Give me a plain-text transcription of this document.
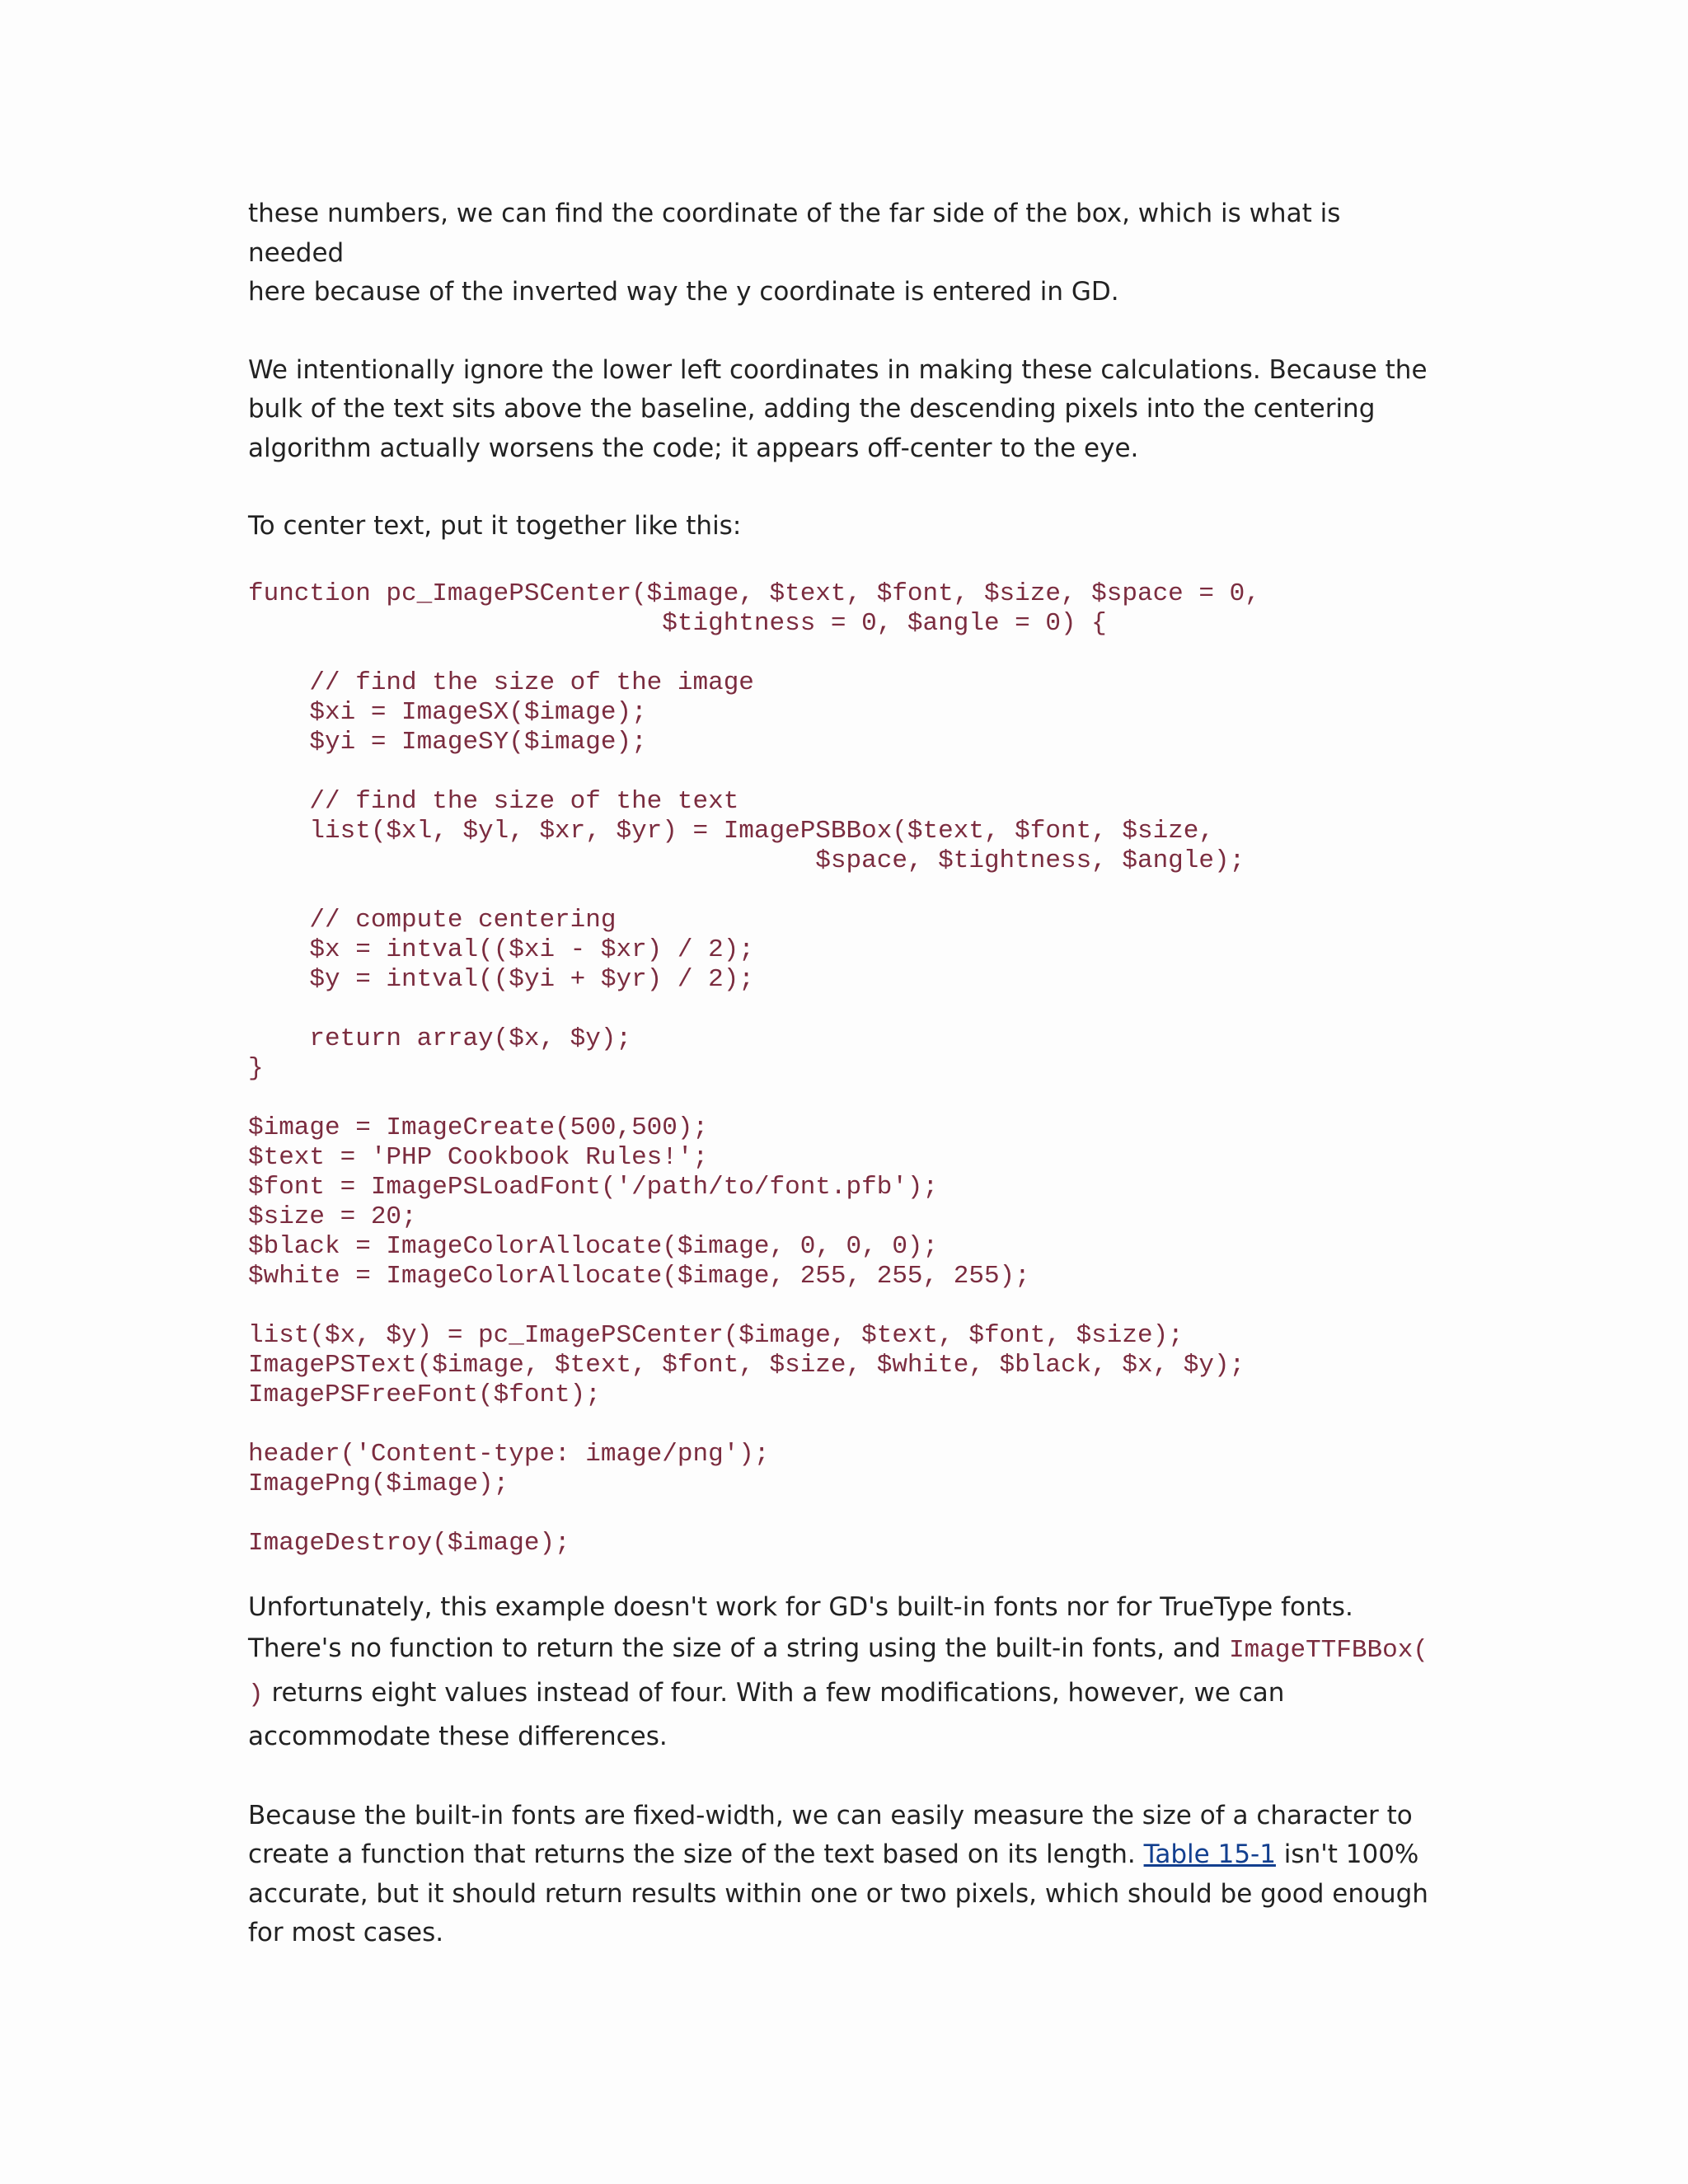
these numbers, we can find the coordinate of the far side of the box, which is what is needed
here because of the inverted way the y coordinate is entered in GD.

We intentionally ignore the lower left coordinates in making these calculations. Because the
bulk of the text sits above the baseline, adding the descending pixels into the centering
algorithm actually worsens the code; it appears off-center to the eye.

To center text, put it together like this:

function pc_ImagePSCenter($image, $text, $font, $size, $space = 0,
$tightness = 0, $angle = 0) {

// find the size of the image
$xi = ImageSX($image);
$yi = ImageSY($image);

// find the size of the text
list($xl, $yl, $xr, $yr) = ImagePSBBox($text, $font, $size,
$space, $tightness, $angle);

// compute centering
$x = intval(($xi - $xr) / 2);
$y = intval(($yi + $yr) / 2);

return array($x, $y);
}
$image = ImageCreate(500,500);
$text = 'PHP Cookbook Rules!';
$font = ImagePSLoadFont('/path/to/font.pfb');
$size = 20;
$black = ImageColorAllocate($image, 0, 0, 0);
$white = ImageColorAllocate($image, 255, 255, 255);
list($x, $y) = pc_ImagePSCenter($image, $text, $font, $size);
ImagePSText($image, $text, $font, $size, $white, $black, $x, $y);
ImagePSFreeFont($font);
header('Content-type: image/png');
ImagePng($image);
ImageDestroy($image);

Unfortunately, this example doesn't work for GD's built-in fonts nor for TrueType fonts.
There's no function to return the size of a string using the built-in fonts, and ImageTTFBBox(
) returns eight values instead of four. With a few modifications, however, we can
accommodate these differences.

Because the built-in fonts are fixed-width, we can easily measure the size of a character to
create a function that returns the size of the text based on its length. Table 15-1 isn't 100%
accurate, but it should return results within one or two pixels, which should be good enough
for most cases.
